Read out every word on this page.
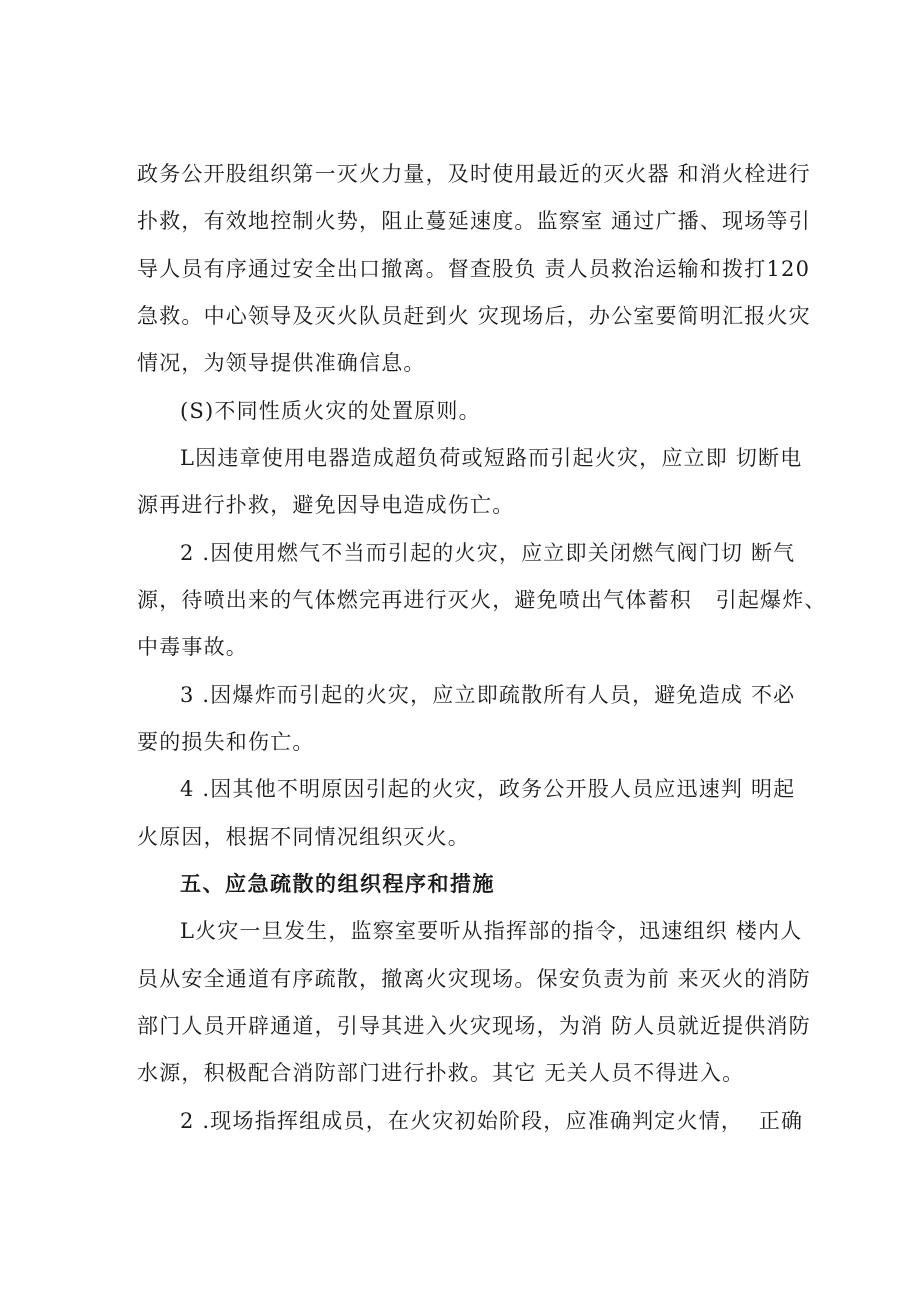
政务公开股组织第一灭火力量，及时使用最近的灭火器 和消火栓进行
扑救，有效地控制火势，阻止蔓延速度。监察室 通过广播、现场等引
导人员有序通过安全出口撤离。督查股负 责人员救治运输和拨打120
急救。中心领导及灭火队员赶到火 灾现场后，办公室要简明汇报火灾
情况，为领导提供准确信息。
(S)不同性质火灾的处置原则。
L因违章使用电器造成超负荷或短路而引起火灾，应立即 切断电
源再进行扑救，避免因导电造成伤亡。
2 .因使用燃气不当而引起的火灾，应立即关闭燃气阀门切 断气
源，待喷出来的气体燃完再进行灭火，避免喷出气体蓄积   引起爆炸、
中毒事故。
3 .因爆炸而引起的火灾，应立即疏散所有人员，避免造成 不必
要的损失和伤亡。
4 .因其他不明原因引起的火灾，政务公开股人员应迅速判 明起
火原因，根据不同情况组织灭火。
五、应急疏散的组织程序和措施
L火灾一旦发生，监察室要听从指挥部的指令，迅速组织 楼内人
员从安全通道有序疏散，撤离火灾现场。保安负责为前 来灭火的消防
部门人员开辟通道，引导其进入火灾现场，为消 防人员就近提供消防
水源，积极配合消防部门进行扑救。其它 无关人员不得进入。
2 .现场指挥组成员，在火灾初始阶段，应准确判定火情，  正确
